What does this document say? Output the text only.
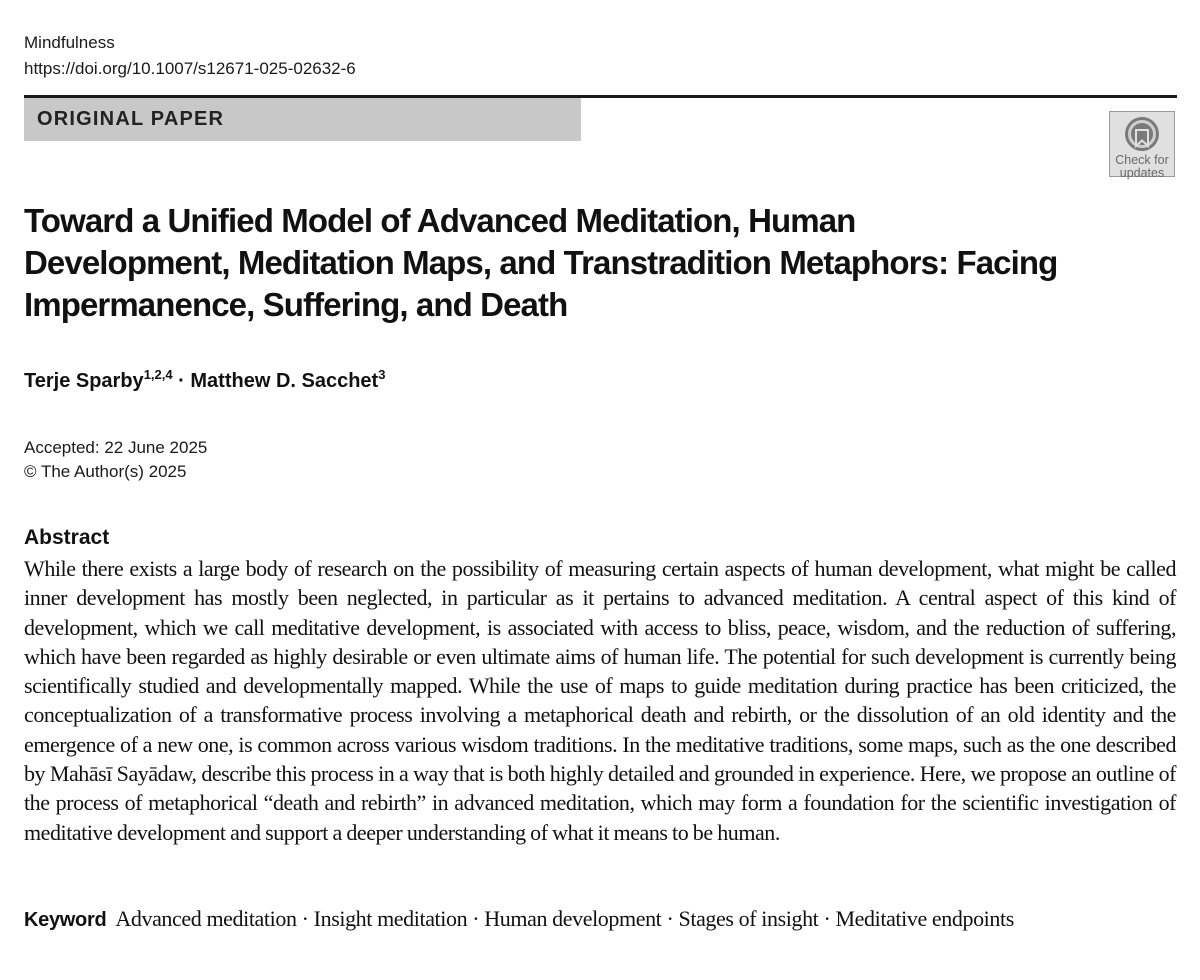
Mindfulness
https://doi.org/10.1007/s12671-025-02632-6
ORIGINAL PAPER
Check for
updates
Toward a Unified Model of Advanced Meditation, Human
Development, Meditation Maps, and Transtradition Metaphors: Facing
Impermanence, Suffering, and Death
Terje Sparby$^{1,2,4}$ · Matthew D. Sacchet$^3$
Accepted: 22 June 2025
© The Author(s) 2025
Abstract

While there exists a large body of research on the possibility of measuring certain aspects of human development, what might be called inner development has mostly been neglected, in particular as it pertains to advanced meditation. A central aspect of this kind of development, which we call meditative development, is associated with access to bliss, peace, wisdom, and the reduction of suffering, which have been regarded as highly desirable or even ultimate aims of human life. The potential for such development is currently being scientifically studied and developmentally mapped. While the use of maps to guide meditation during practice has been criticized, the conceptualization of a transformative process involving a metaphorical death and rebirth, or the dissolution of an old identity and the emergence of a new one, is common across various wisdom traditions. In the meditative traditions, some maps, such as the one described by Mahāsī Sayādaw, describe this process in a way that is both highly detailed and grounded in experience. Here, we propose an outline of the process of metaphorical “death and rebirth” in advanced meditation, which may form a foundation for the scientific investigation of meditative development and support a deeper understanding of what it means to be human.

Keyword Advanced meditation · Insight meditation · Human development · Stages of insight · Meditative endpoints
